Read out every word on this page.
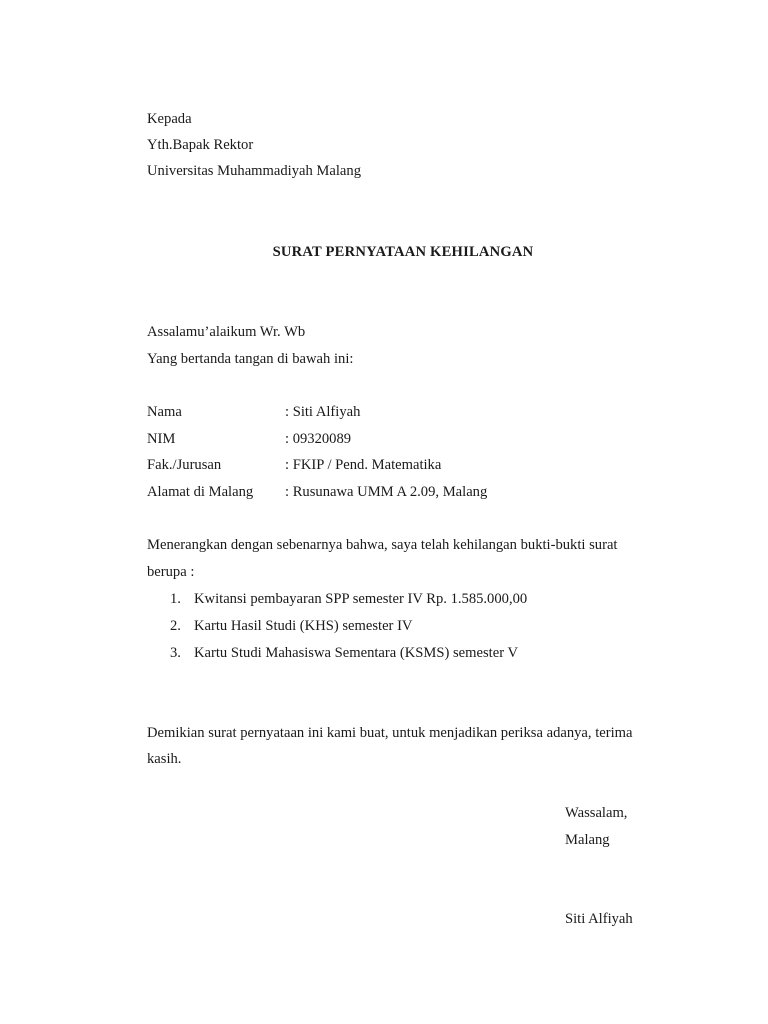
Kepada
Yth.Bapak Rektor
Universitas Muhammadiyah Malang
SURAT PERNYATAAN KEHILANGAN
Assalamu’alaikum Wr. Wb
Yang bertanda tangan di bawah ini:
Nama	: Siti Alfiyah
NIM	: 09320089
Fak./Jurusan	: FKIP / Pend. Matematika
Alamat di Malang : Rusunawa UMM A 2.09, Malang
Menerangkan dengan sebenarnya bahwa, saya telah kehilangan bukti-bukti surat
berupa :
1. Kwitansi pembayaran SPP semester IV Rp. 1.585.000,00
2. Kartu Hasil Studi (KHS) semester IV
3. Kartu Studi Mahasiswa Sementara (KSMS) semester V
Demikian surat pernyataan ini kami buat, untuk menjadikan periksa adanya, terima
kasih.
Wassalam,
Malang
Siti Alfiyah
